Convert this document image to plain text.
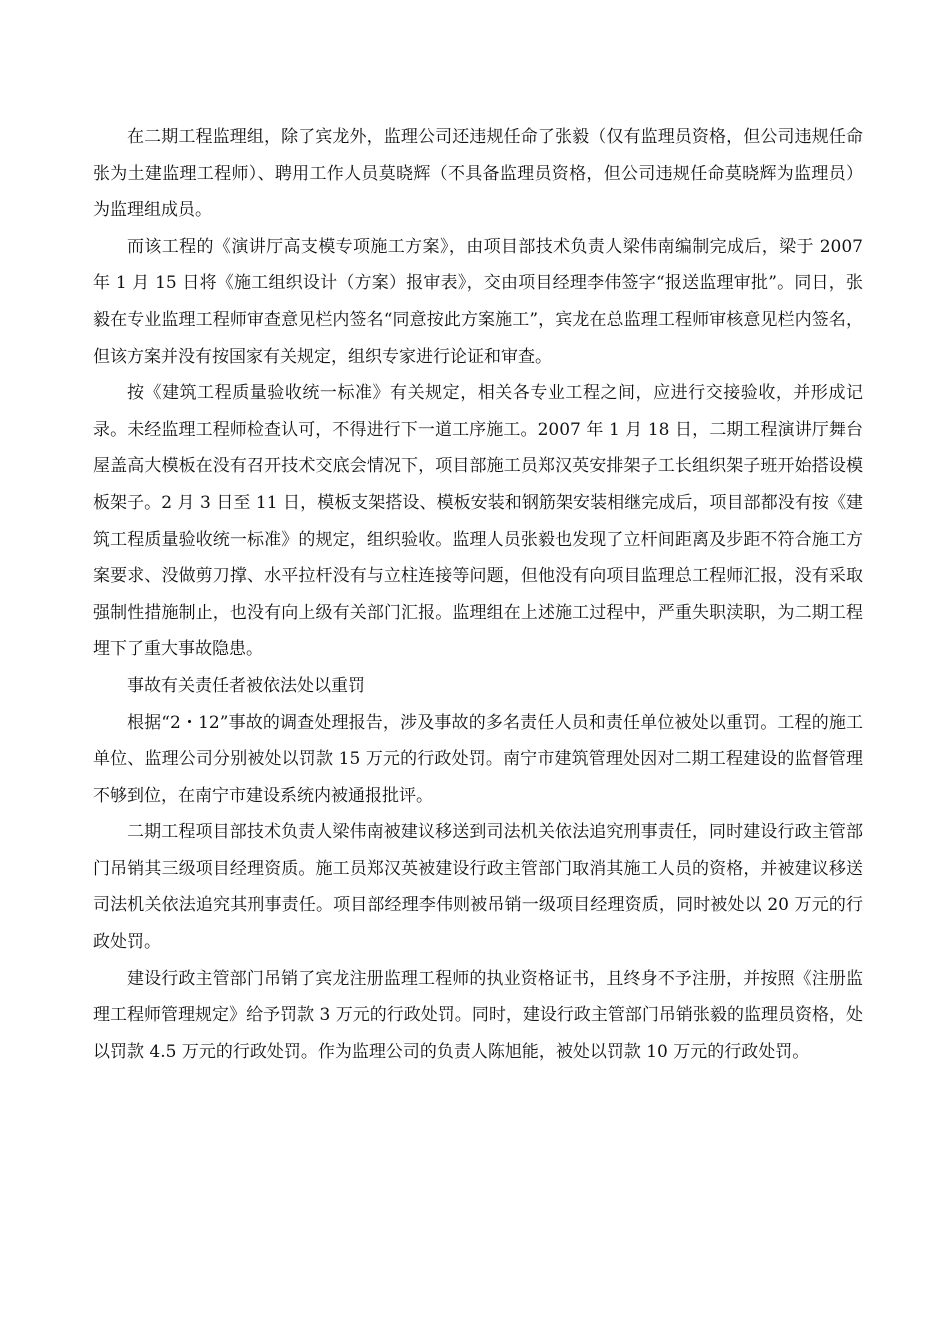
在二期工程监理组，除了宾龙外，监理公司还违规任命了张毅（仅有监理员资格，但公司违规任命张为土建监理工程师）、聘用工作人员莫晓辉（不具备监理员资格，但公司违规任命莫晓辉为监理员）为监理组成员。

而该工程的《演讲厅高支模专项施工方案》，由项目部技术负责人梁伟南编制完成后，梁于 2007 年 1 月 15 日将《施工组织设计（方案）报审表》，交由项目经理李伟签字“报送监理审批”。同日，张毅在专业监理工程师审查意见栏内签名“同意按此方案施工”，宾龙在总监理工程师审核意见栏内签名，但该方案并没有按国家有关规定，组织专家进行论证和审查。

按《建筑工程质量验收统一标准》有关规定，相关各专业工程之间，应进行交接验收，并形成记录。未经监理工程师检查认可，不得进行下一道工序施工。2007 年 1 月 18 日，二期工程演讲厅舞台屋盖高大模板在没有召开技术交底会情况下，项目部施工员郑汉英安排架子工长组织架子班开始搭设模板架子。2 月 3 日至 11 日，模板支架搭设、模板安装和钢筋架安装相继完成后，项目部都没有按《建筑工程质量验收统一标准》的规定，组织验收。监理人员张毅也发现了立杆间距离及步距不符合施工方案要求、没做剪刀撑、水平拉杆没有与立柱连接等问题，但他没有向项目监理总工程师汇报，没有采取强制性措施制止，也没有向上级有关部门汇报。监理组在上述施工过程中，严重失职渎职，为二期工程埋下了重大事故隐患。

事故有关责任者被依法处以重罚

根据“2・12”事故的调查处理报告，涉及事故的多名责任人员和责任单位被处以重罚。工程的施工单位、监理公司分别被处以罚款 15 万元的行政处罚。南宁市建筑管理处因对二期工程建设的监督管理不够到位，在南宁市建设系统内被通报批评。

二期工程项目部技术负责人梁伟南被建议移送到司法机关依法追究刑事责任，同时建设行政主管部门吊销其三级项目经理资质。施工员郑汉英被建设行政主管部门取消其施工人员的资格，并被建议移送司法机关依法追究其刑事责任。项目部经理李伟则被吊销一级项目经理资质，同时被处以 20 万元的行政处罚。

建设行政主管部门吊销了宾龙注册监理工程师的执业资格证书，且终身不予注册，并按照《注册监理工程师管理规定》给予罚款 3 万元的行政处罚。同时，建设行政主管部门吊销张毅的监理员资格，处以罚款 4.5 万元的行政处罚。作为监理公司的负责人陈旭能，被处以罚款 10 万元的行政处罚。
